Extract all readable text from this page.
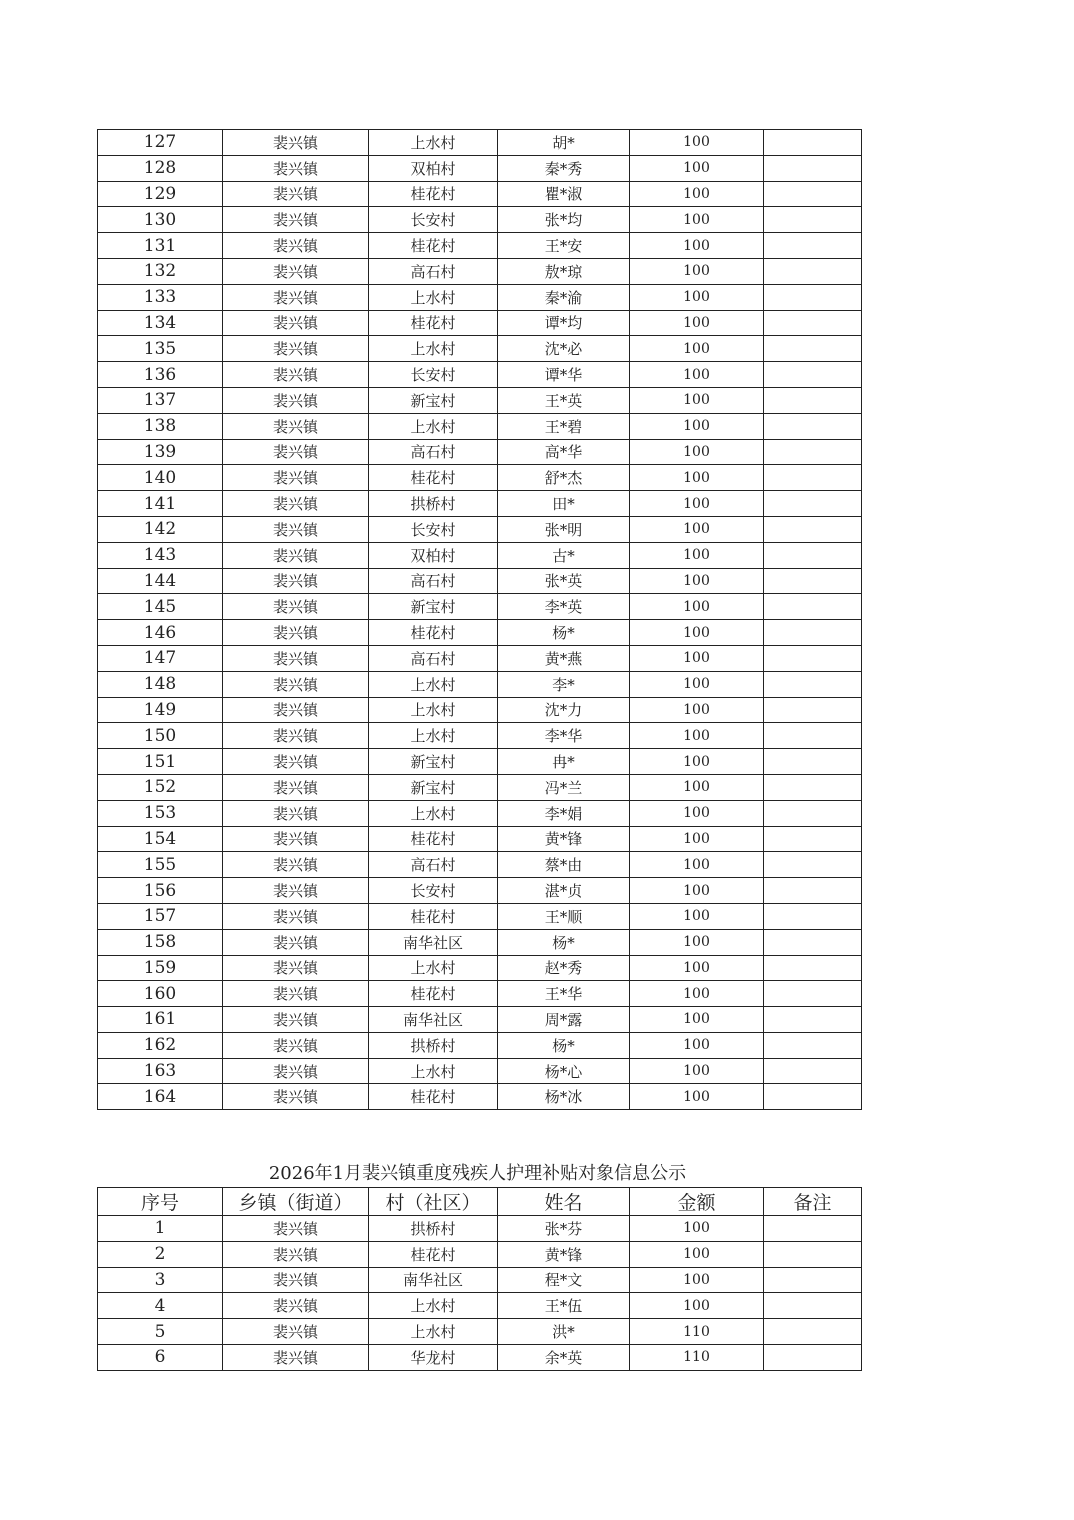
127	裴兴镇	上水村	胡*	100	
128	裴兴镇	双柏村	秦*秀	100	
129	裴兴镇	桂花村	瞿*淑	100	
130	裴兴镇	长安村	张*均	100	
131	裴兴镇	桂花村	王*安	100	
132	裴兴镇	高石村	敖*琼	100	
133	裴兴镇	上水村	秦*渝	100	
134	裴兴镇	桂花村	谭*均	100	
135	裴兴镇	上水村	沈*必	100	
136	裴兴镇	长安村	谭*华	100	
137	裴兴镇	新宝村	王*英	100	
138	裴兴镇	上水村	王*碧	100	
139	裴兴镇	高石村	高*华	100	
140	裴兴镇	桂花村	舒*杰	100	
141	裴兴镇	拱桥村	田*	100	
142	裴兴镇	长安村	张*明	100	
143	裴兴镇	双柏村	古*	100	
144	裴兴镇	高石村	张*英	100	
145	裴兴镇	新宝村	李*英	100	
146	裴兴镇	桂花村	杨*	100	
147	裴兴镇	高石村	黄*燕	100	
148	裴兴镇	上水村	李*	100	
149	裴兴镇	上水村	沈*力	100	
150	裴兴镇	上水村	李*华	100	
151	裴兴镇	新宝村	冉*	100	
152	裴兴镇	新宝村	冯*兰	100	
153	裴兴镇	上水村	李*娟	100	
154	裴兴镇	桂花村	黄*锋	100	
155	裴兴镇	高石村	蔡*由	100	
156	裴兴镇	长安村	湛*贞	100	
157	裴兴镇	桂花村	王*顺	100	
158	裴兴镇	南华社区	杨*	100	
159	裴兴镇	上水村	赵*秀	100	
160	裴兴镇	桂花村	王*华	100	
161	裴兴镇	南华社区	周*露	100	
162	裴兴镇	拱桥村	杨*	100	
163	裴兴镇	上水村	杨*心	100	
164	裴兴镇	桂花村	杨*冰	100	
2026年1月裴兴镇重度残疾人护理补贴对象信息公示
序号	乡镇（街道）	村（社区）	姓名	金额	备注
1	裴兴镇	拱桥村	张*芬	100	
2	裴兴镇	桂花村	黄*锋	100	
3	裴兴镇	南华社区	程*文	100	
4	裴兴镇	上水村	王*伍	100	
5	裴兴镇	上水村	洪*	110	
6	裴兴镇	华龙村	余*英	110	
